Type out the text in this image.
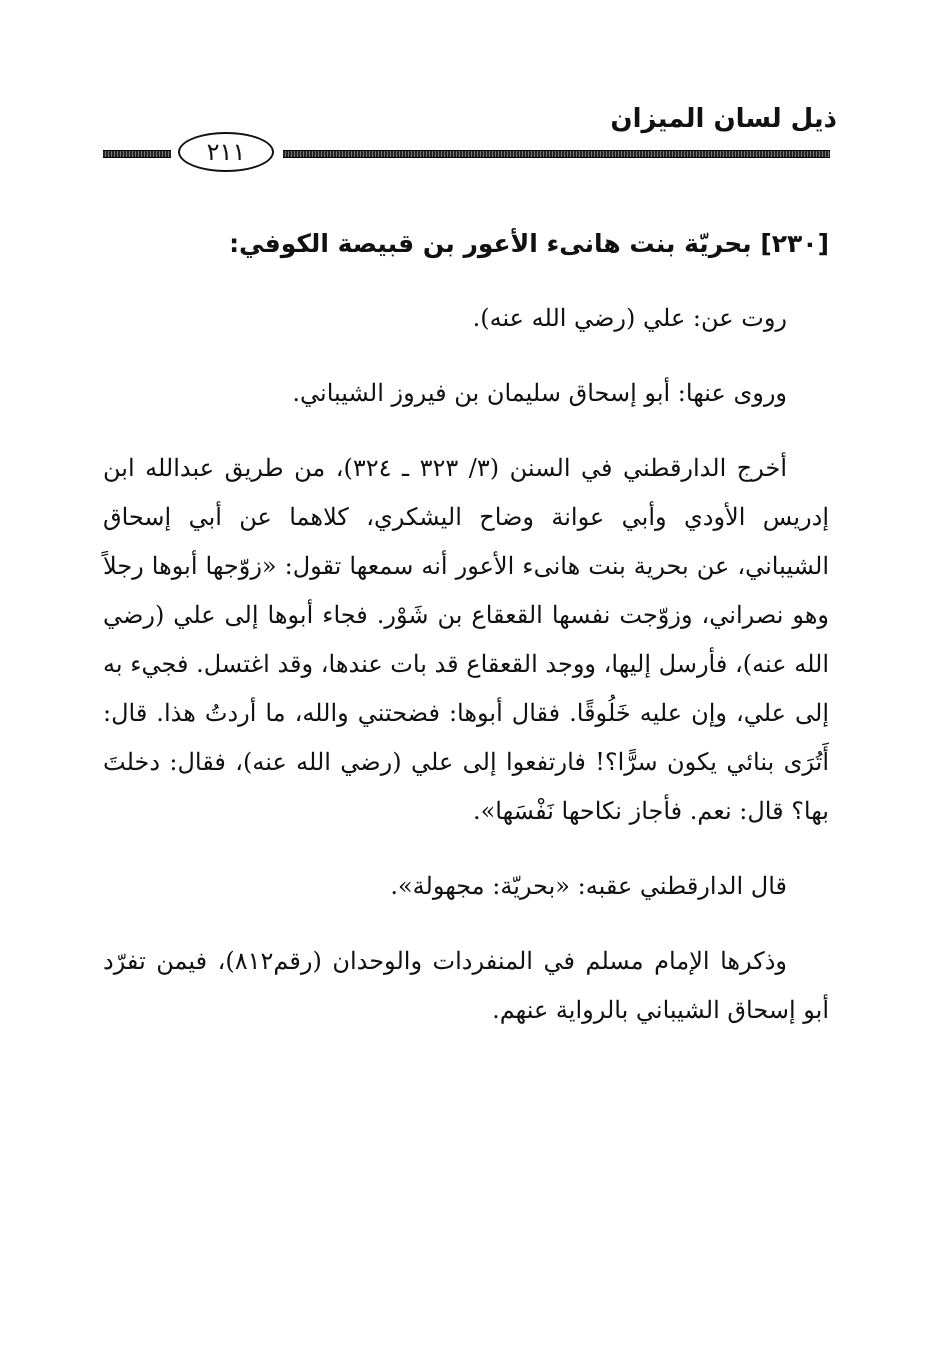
ذيل لسان الميزان
٢١١
[٢٣٠] بحريّة بنت هانىء الأعور بن قبيصة الكوفي:

روت عن: علي (رضي الله عنه).

وروى عنها: أبو إسحاق سليمان بن فيروز الشيباني.

أخرج الدارقطني في السنن (٣/ ٣٢٣ ـ ٣٢٤)، من طريق عبدالله ابن إدريس الأودي وأبي عوانة وضاح اليشكري، كلاهما عن أبي إسحاق الشيباني، عن بحرية بنت هانىء الأعور أنه سمعها تقول: «زوّجها أبوها رجلاً وهو نصراني، وزوّجت نفسها القعقاع بن شَوْر. فجاء أبوها إلى علي (رضي الله عنه)، فأرسل إليها، ووجد القعقاع قد بات عندها، وقد اغتسل. فجيء به إلى علي، وإن عليه خَلُوقًا. فقال أبوها: فضحتني والله، ما أردتُ هذا. قال: أَتُرَى بنائي يكون سرًّا؟! فارتفعوا إلى علي (رضي الله عنه)، فقال: دخلتَ بها؟ قال: نعم. فأجاز نكاحها نَفْسَها».

قال الدارقطني عقبه: «بحريّة: مجهولة».

وذكرها الإمام مسلم في المنفردات والوحدان (رقم٨١٢)، فيمن تفرّد أبو إسحاق الشيباني بالرواية عنهم.
